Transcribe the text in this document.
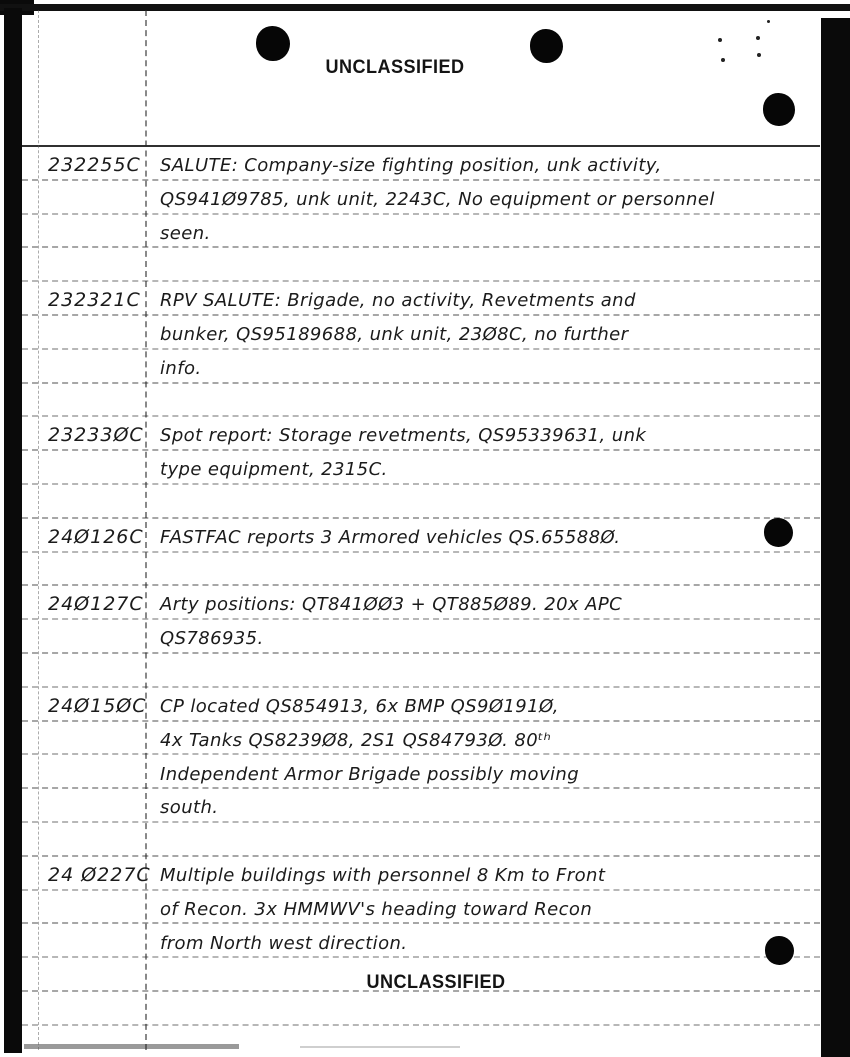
UNCLASSIFIED
UNCLASSIFIED
232255C	SALUTE: Company-size fighting position, unk activity,
QS941Ø9785, unk unit, 2243C, No equipment or personnel
seen.
232321C	RPV SALUTE: Brigade, no activity, Revetments and
bunker, QS95189688, unk unit, 23Ø8C, no further
info.
23233ØC Spot report: Storage revetments, QS95339631, unk
type equipment, 2315C.
24Ø126C FASTFAC reports 3 Armored vehicles QS.65588Ø.
24Ø127C Arty positions: QT841ØØ3 + QT885Ø89. 20x APC
QS786935.
24Ø15ØC CP located QS854913, 6x BMP QS9Ø191Ø,
4x Tanks QS8239Ø8, 2S1 QS84793Ø. 80ᵗʰ
Independent Armor Brigade possibly moving
south.
24 Ø227C Multiple buildings with personnel 8 Km to Front
of Recon. 3x HMMWV's heading toward Recon
from North west direction.
